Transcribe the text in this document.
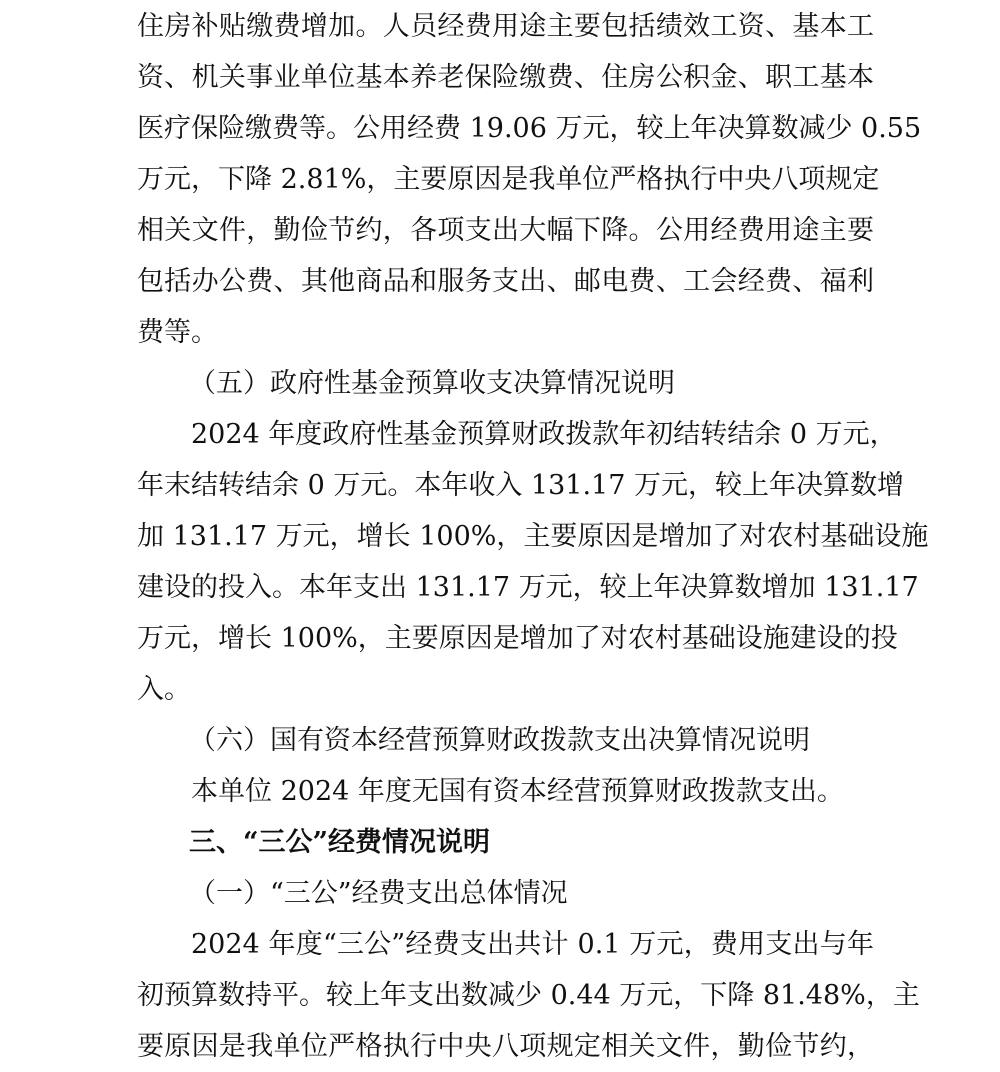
住房补贴缴费增加。人员经费用途主要包括绩效工资、基本工
资、机关事业单位基本养老保险缴费、住房公积金、职工基本
医疗保险缴费等。公用经费 19.06 万元，较上年决算数减少 0.55
万元，下降 2.81%，主要原因是我单位严格执行中央八项规定
相关文件，勤俭节约，各项支出大幅下降。公用经费用途主要
包括办公费、其他商品和服务支出、邮电费、工会经费、福利
费等。
（五）政府性基金预算收支决算情况说明
2024 年度政府性基金预算财政拨款年初结转结余 0 万元，
年末结转结余 0 万元。本年收入 131.17 万元，较上年决算数增
加 131.17 万元，增长 100%，主要原因是增加了对农村基础设施
建设的投入。本年支出 131.17 万元，较上年决算数增加 131.17
万元，增长 100%，主要原因是增加了对农村基础设施建设的投
入。
（六）国有资本经营预算财政拨款支出决算情况说明
本单位 2024 年度无国有资本经营预算财政拨款支出。
三、“三公”经费情况说明
（一）“三公”经费支出总体情况
2024 年度“三公”经费支出共计 0.1 万元，费用支出与年
初预算数持平。较上年支出数减少 0.44 万元，下降 81.48%，主
要原因是我单位严格执行中央八项规定相关文件，勤俭节约，
